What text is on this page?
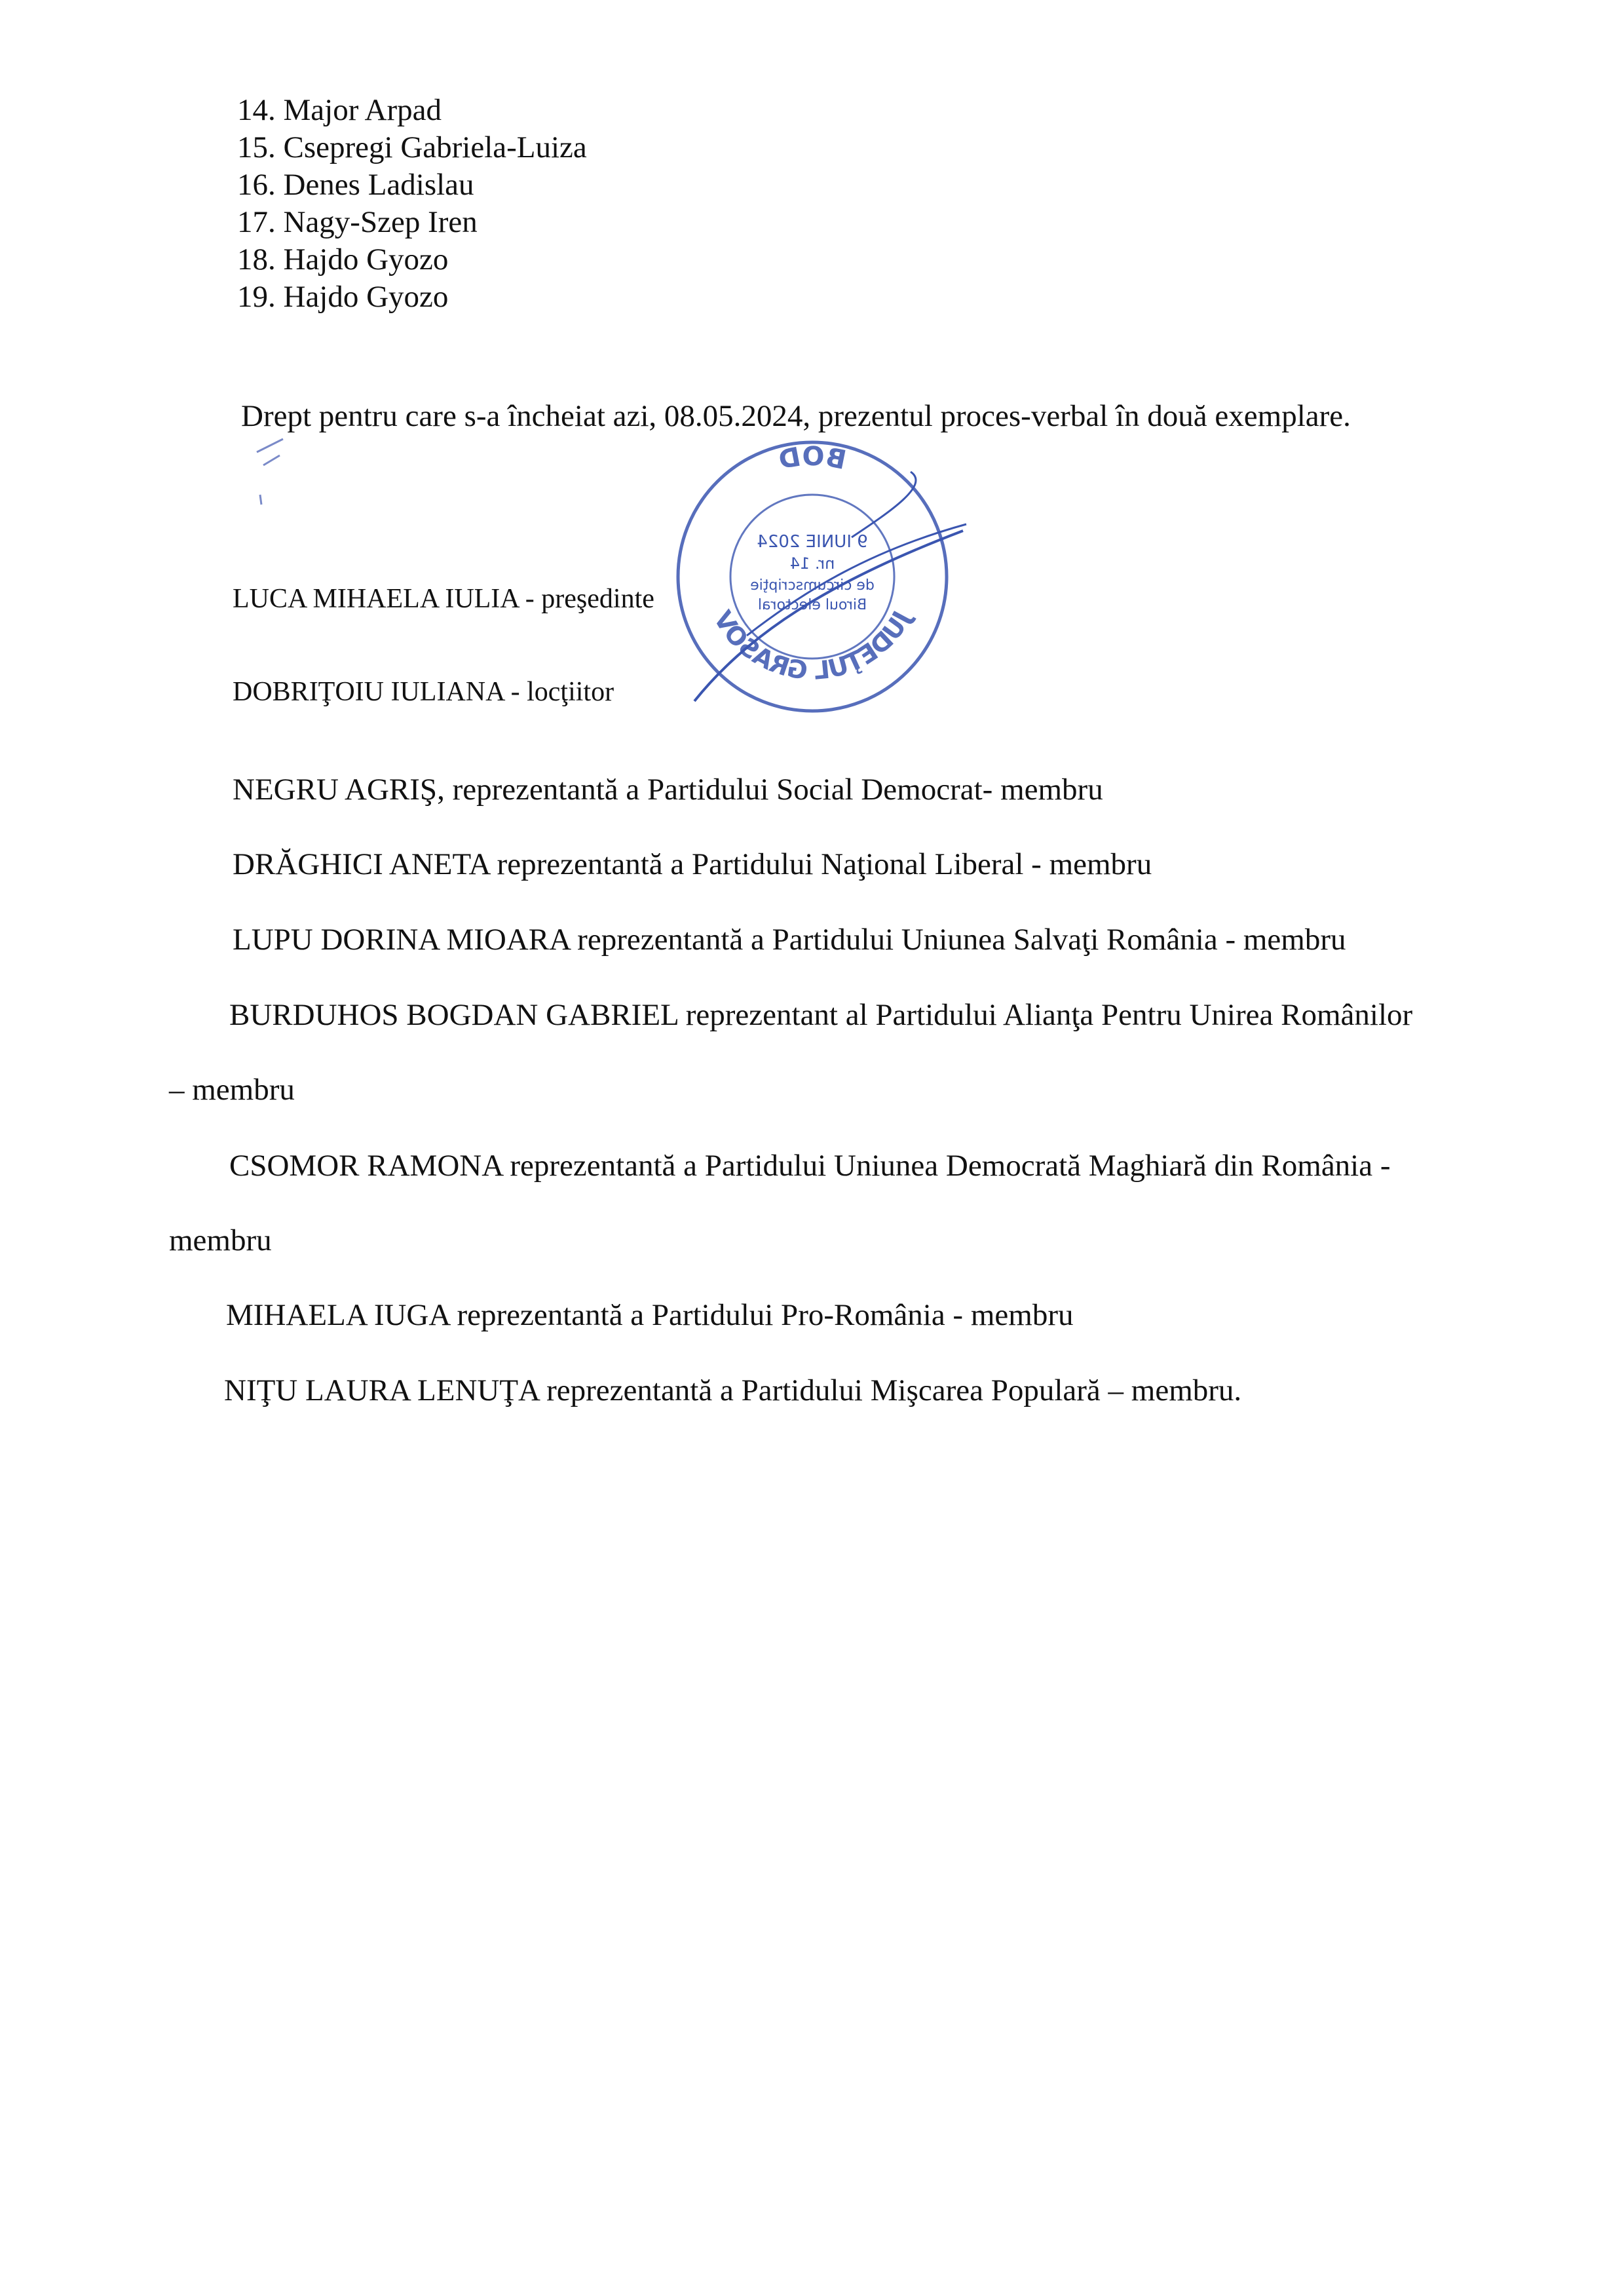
14. Major Arpad
15. Csepregi Gabriela-Luiza
16. Denes Ladislau
17. Nagy-Szep Iren
18. Hajdo Gyozo
19. Hajdo Gyozo
Drept pentru care s-a încheiat azi, 08.05.2024, prezentul proces-verbal în două exemplare.
LUCA MIHAELA IULIA - preşedinte
DOBRIŢOIU IULIANA - locţiitor
BOD
JUDEŢUL GRASOV
9 IUNIE 2024
nr. 14
de circumscripţie
Biroul electoral
NEGRU AGRIŞ, reprezentantă a Partidului Social Democrat- membru
DRĂGHICI ANETA reprezentantă a Partidului Naţional Liberal - membru
LUPU DORINA MIOARA reprezentantă a Partidului Uniunea Salvaţi România - membru
BURDUHOS BOGDAN GABRIEL reprezentant al Partidului Alianţa Pentru Unirea Românilor
– membru
CSOMOR RAMONA reprezentantă a Partidului Uniunea Democrată Maghiară din România -
membru
MIHAELA IUGA reprezentantă a Partidului Pro-România - membru
NIŢU LAURA LENUŢA reprezentantă a Partidului Mişcarea Populară – membru.
